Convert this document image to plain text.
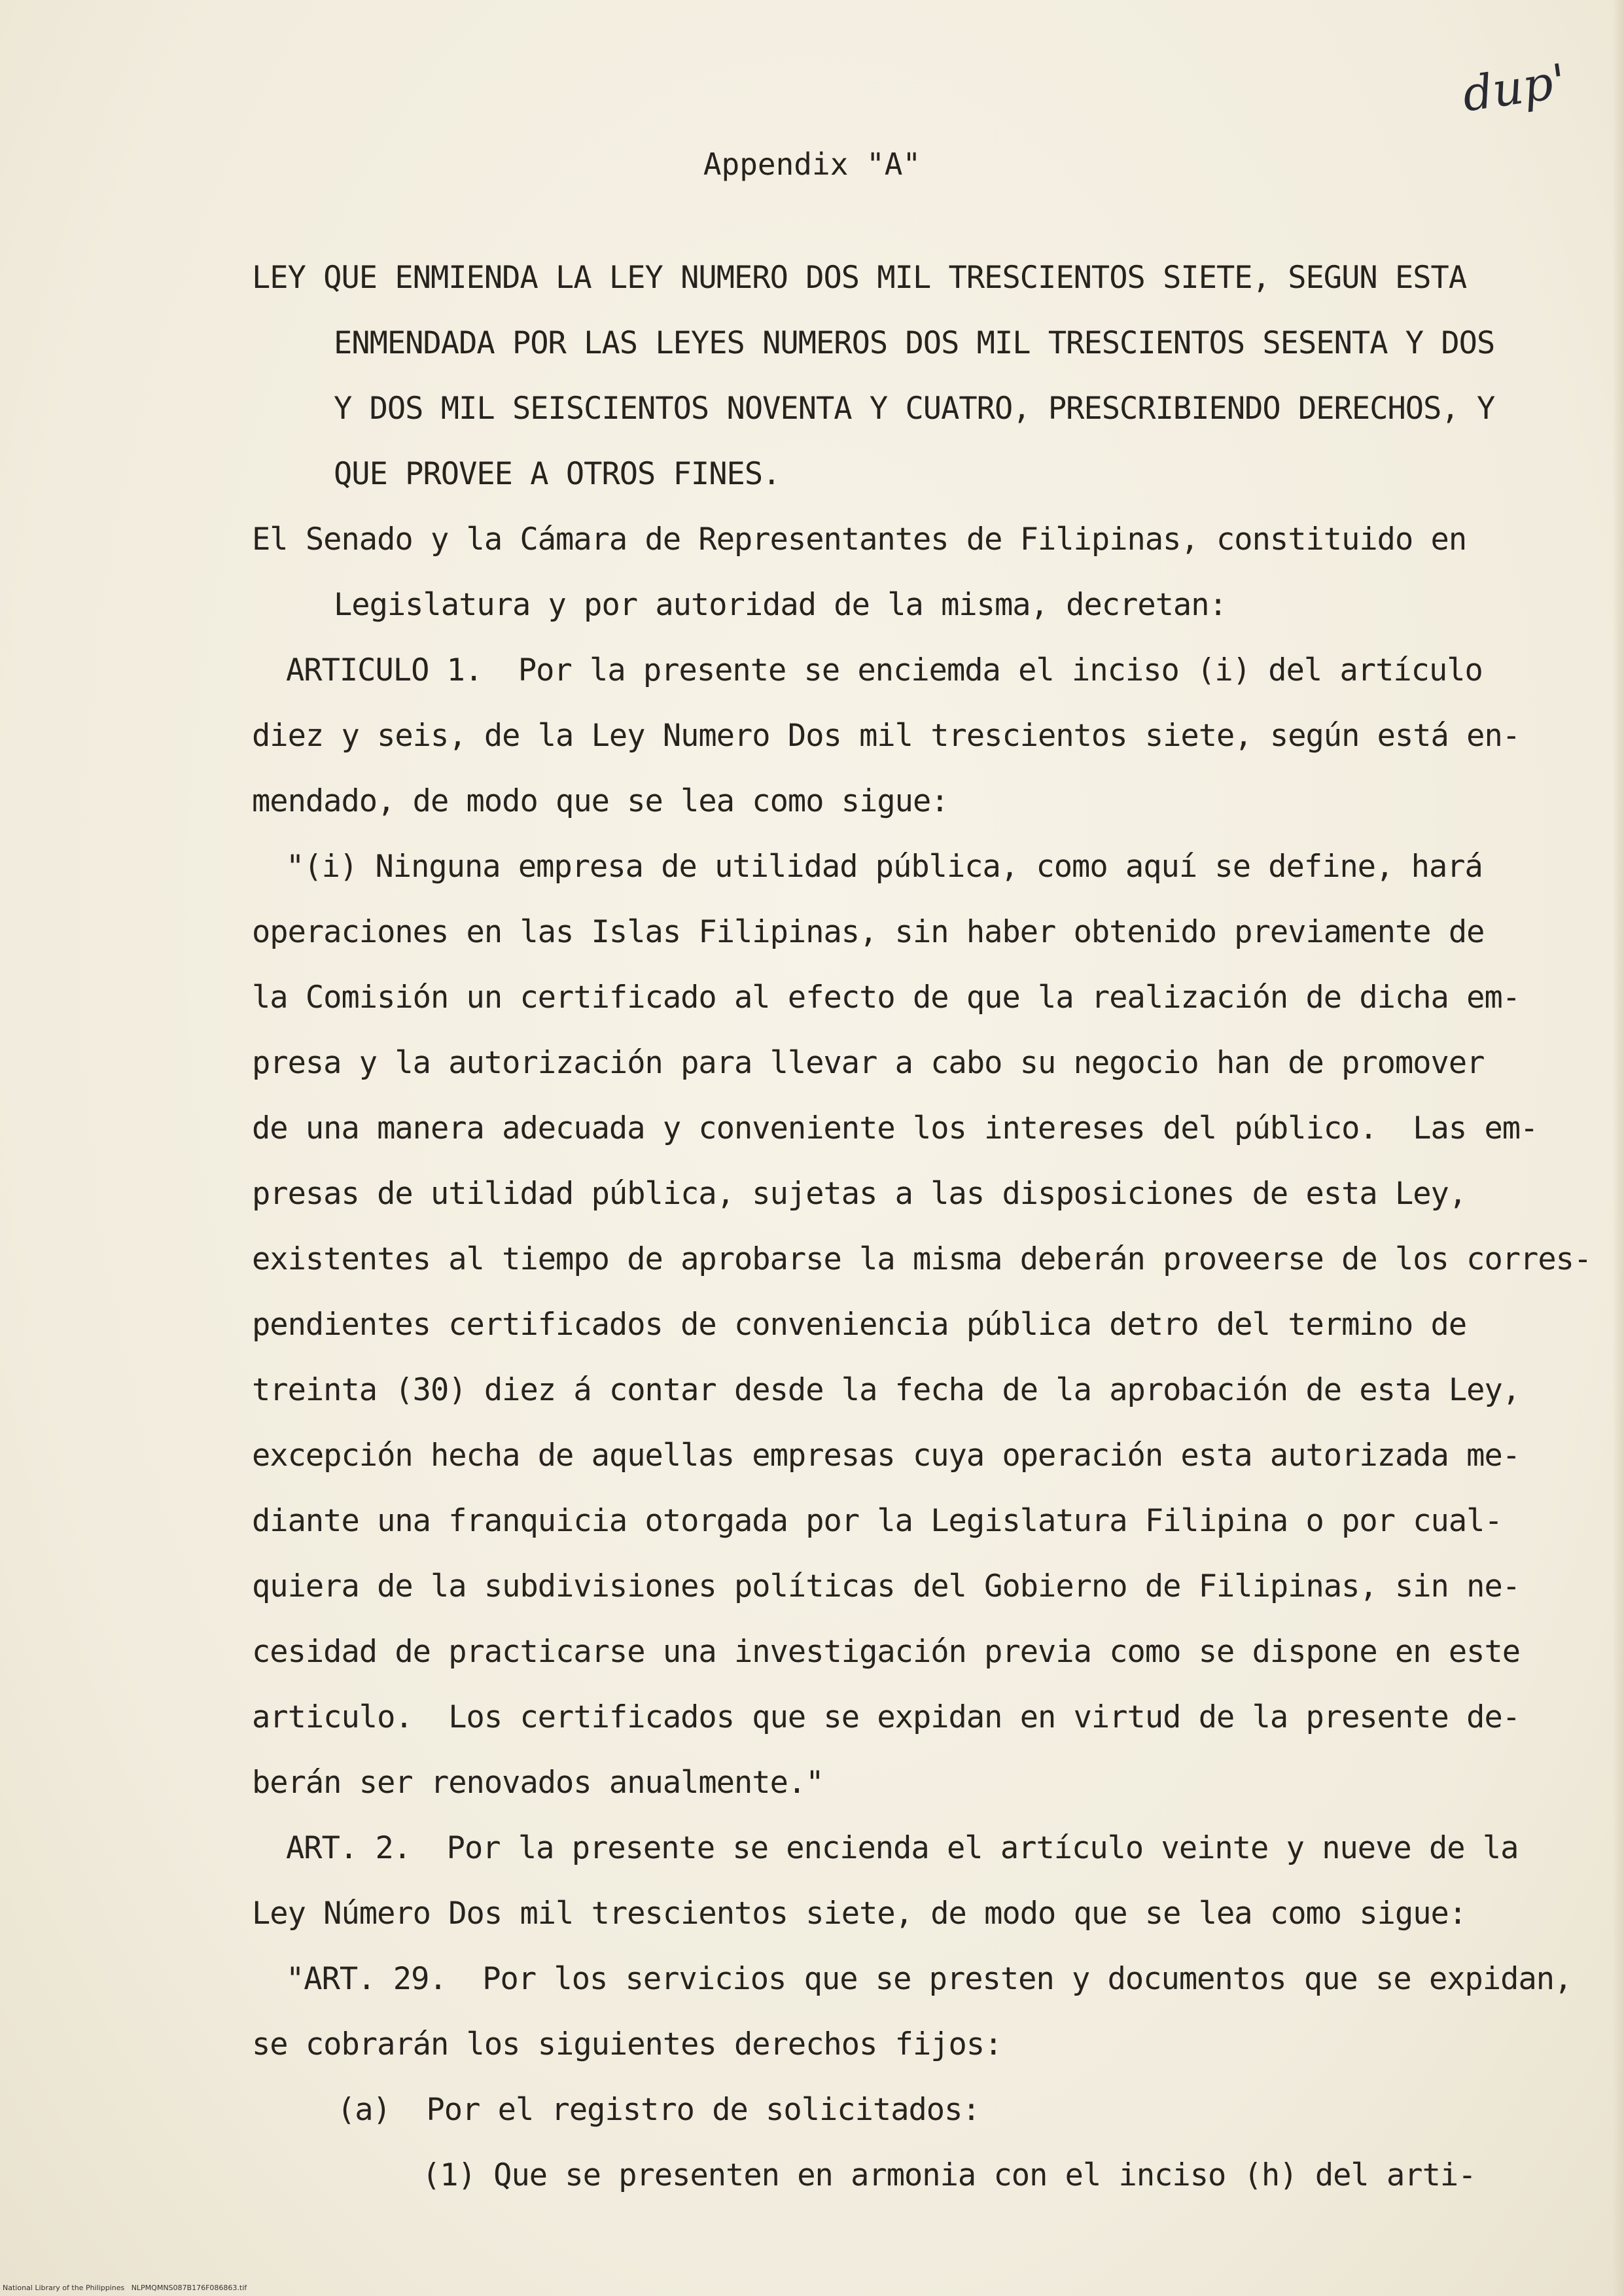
dup'
Appendix "A"
LEY QUE ENMIENDA LA LEY NUMERO DOS MIL TRESCIENTOS SIETE, SEGUN ESTA
ENMENDADA POR LAS LEYES NUMEROS DOS MIL TRESCIENTOS SESENTA Y DOS
Y DOS MIL SEISCIENTOS NOVENTA Y CUATRO, PRESCRIBIENDO DERECHOS, Y
QUE PROVEE A OTROS FINES.
El Senado y la Cámara de Representantes de Filipinas, constituido en
Legislatura y por autoridad de la misma, decretan:
ARTICULO 1.  Por la presente se enciemda el inciso (i) del artículo
diez y seis, de la Ley Numero Dos mil trescientos siete, según está en-
mendado, de modo que se lea como sigue:
"(i) Ninguna empresa de utilidad pública, como aquí se define, hará
operaciones en las Islas Filipinas, sin haber obtenido previamente de
la Comisión un certificado al efecto de que la realización de dicha em-
presa y la autorización para llevar a cabo su negocio han de promover
de una manera adecuada y conveniente los intereses del público.  Las em-
presas de utilidad pública, sujetas a las disposiciones de esta Ley,
existentes al tiempo de aprobarse la misma deberán proveerse de los corres-
pendientes certificados de conveniencia pública detro del termino de
treinta (30) diez á contar desde la fecha de la aprobación de esta Ley,
excepción hecha de aquellas empresas cuya operación esta autorizada me-
diante una franquicia otorgada por la Legislatura Filipina o por cual-
quiera de la subdivisiones políticas del Gobierno de Filipinas, sin ne-
cesidad de practicarse una investigación previa como se dispone en este
articulo.  Los certificados que se expidan en virtud de la presente de-
berán ser renovados anualmente."
ART. 2.  Por la presente se encienda el artículo veinte y nueve de la
Ley Número Dos mil trescientos siete, de modo que se lea como sigue:
"ART. 29.  Por los servicios que se presten y documentos que se expidan,
se cobrarán los siguientes derechos fijos:
(a)  Por el registro de solicitados:
(1) Que se presenten en armonia con el inciso (h) del arti-
National Library of the Philippines   NLPMQMNS087B176F086863.tif
